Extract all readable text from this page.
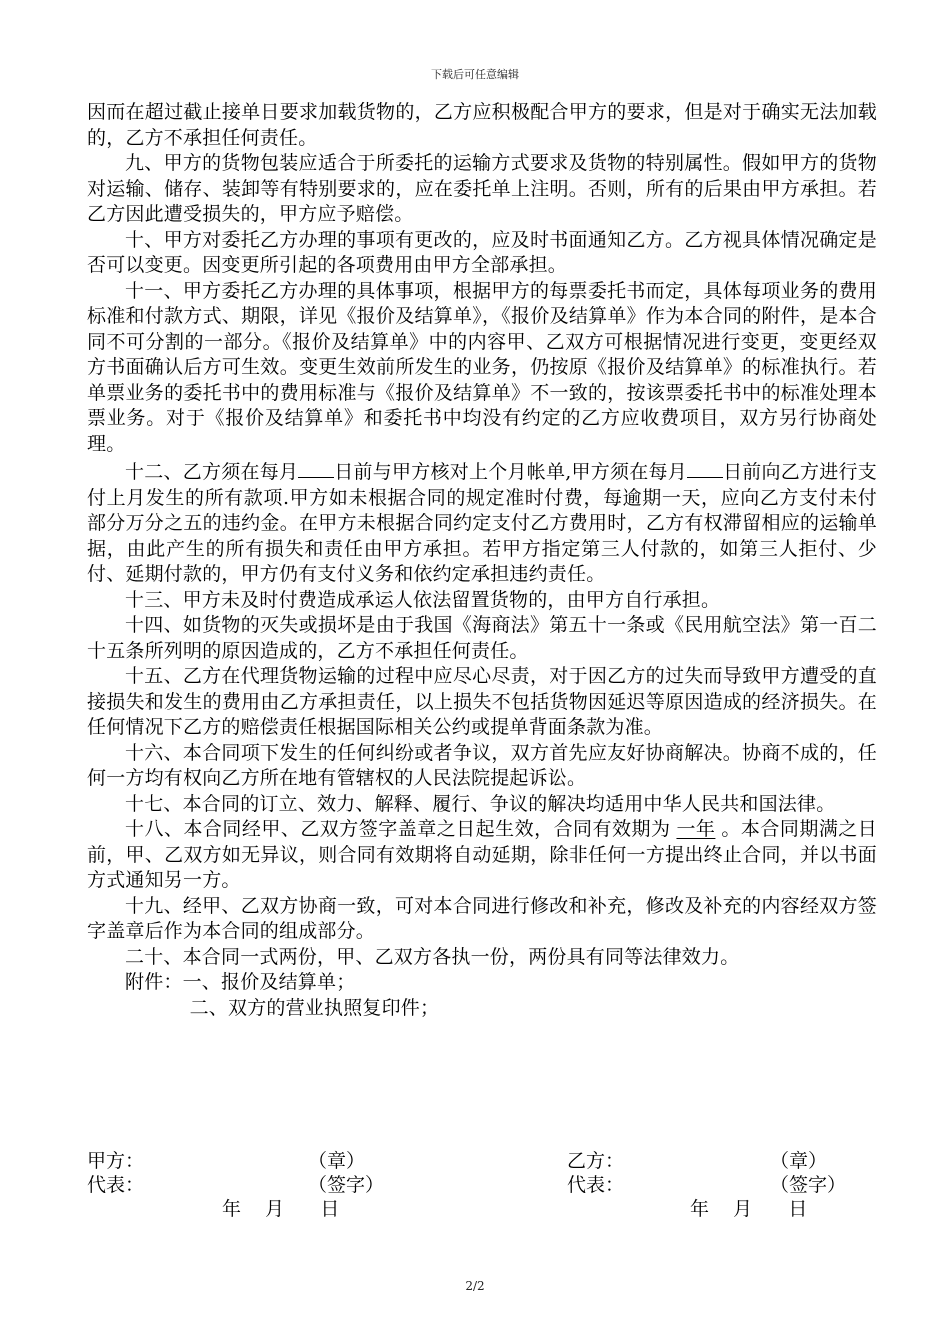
下载后可任意编辑

因而在超过截止接单日要求加载货物的，乙方应积极配合甲方的要求，但是对于确实无法加载的，乙方不承担任何责任。

九、甲方的货物包装应适合于所委托的运输方式要求及货物的特别属性。假如甲方的货物对运输、储存、装卸等有特别要求的，应在委托单上注明。否则，所有的后果由甲方承担。若乙方因此遭受损失的，甲方应予赔偿。

十、甲方对委托乙方办理的事项有更改的，应及时书面通知乙方。乙方视具体情况确定是否可以变更。因变更所引起的各项费用由甲方全部承担。

十一、甲方委托乙方办理的具体事项，根据甲方的每票委托书而定，具体每项业务的费用标准和付款方式、期限，详见《报价及结算单》，《报价及结算单》作为本合同的附件，是本合同不可分割的一部分。《报价及结算单》中的内容甲、乙双方可根据情况进行变更，变更经双方书面确认后方可生效。变更生效前所发生的业务，仍按原《报价及结算单》的标准执行。若单票业务的委托书中的费用标准与《报价及结算单》不一致的，按该票委托书中的标准处理本票业务。对于《报价及结算单》和委托书中均没有约定的乙方应收费项目，双方另行协商处理。

十二、乙方须在每月 日前与甲方核对上个月帐单,甲方须在每月 日前向乙方进行支付上月发生的所有款项.甲方如未根据合同的规定准时付费，每逾期一天，应向乙方支付未付部分万分之五的违约金。在甲方未根据合同约定支付乙方费用时，乙方有权滞留相应的运输单据，由此产生的所有损失和责任由甲方承担。若甲方指定第三人付款的，如第三人拒付、少付、延期付款的，甲方仍有支付义务和依约定承担违约责任。

十三、甲方未及时付费造成承运人依法留置货物的，由甲方自行承担。

十四、如货物的灭失或损坏是由于我国《海商法》第五十一条或《民用航空法》第一百二十五条所列明的原因造成的，乙方不承担任何责任。

十五、乙方在代理货物运输的过程中应尽心尽责，对于因乙方的过失而导致甲方遭受的直接损失和发生的费用由乙方承担责任，以上损失不包括货物因延迟等原因造成的经济损失。在任何情况下乙方的赔偿责任根据国际相关公约或提单背面条款为准。

十六、本合同项下发生的任何纠纷或者争议，双方首先应友好协商解决。协商不成的，任何一方均有权向乙方所在地有管辖权的人民法院提起诉讼。

十七、本合同的订立、效力、解释、履行、争议的解决均适用中华人民共和国法律。

十八、本合同经甲、乙双方签字盖章之日起生效，合同有效期为 一年 。本合同期满之日前，甲、乙双方如无异议，则合同有效期将自动延期，除非任何一方提出终止合同，并以书面方式通知另一方。

十九、经甲、乙双方协商一致，可对本合同进行修改和补充，修改及补充的内容经双方签字盖章后作为本合同的组成部分。

二十、本合同一式两份，甲、乙双方各执一份，两份具有同等法律效力。

附件：一、报价及结算单；

二、双方的营业执照复印件；

甲方：	（章）	乙方：	（章）
代表：	（签字）	代表：	（签字）
年    月      日	年    月      日
2/2
